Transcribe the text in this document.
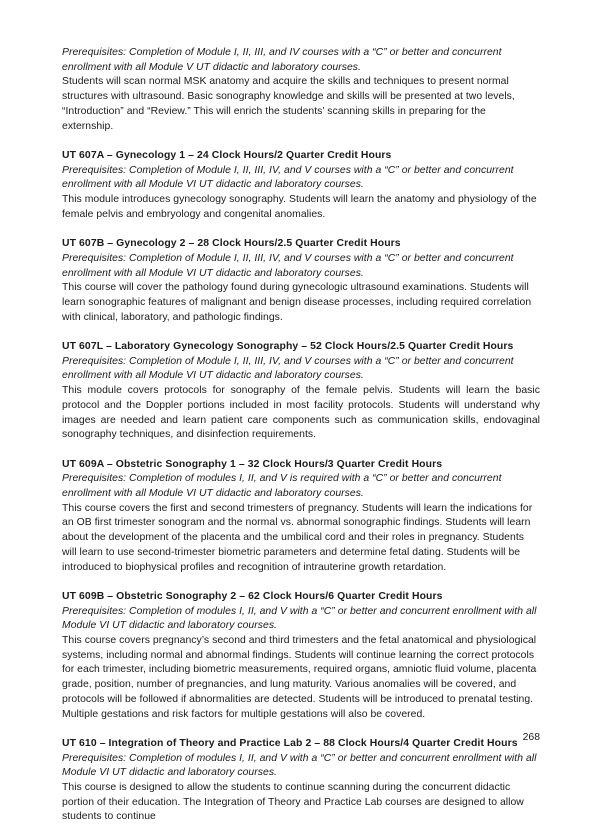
Prerequisites: Completion of Module I, II, III, and IV courses with a “C” or better and concurrent enrollment with all Module V UT didactic and laboratory courses.

Students will scan normal MSK anatomy and acquire the skills and techniques to present normal structures with ultrasound. Basic sonography knowledge and skills will be presented at two levels, “Introduction” and “Review.” This will enrich the students’ scanning skills in preparing for the externship.

UT 607A – Gynecology 1 – 24 Clock Hours/2 Quarter Credit Hours

Prerequisites: Completion of Module I, II, III, IV, and V courses with a “C” or better and concurrent enrollment with all Module VI UT didactic and laboratory courses.

This module introduces gynecology sonography. Students will learn the anatomy and physiology of the female pelvis and embryology and congenital anomalies.

UT 607B – Gynecology 2 – 28 Clock Hours/2.5 Quarter Credit Hours

Prerequisites: Completion of Module I, II, III, IV, and V courses with a “C” or better and concurrent enrollment with all Module VI UT didactic and laboratory courses.

This course will cover the pathology found during gynecologic ultrasound examinations. Students will learn sonographic features of malignant and benign disease processes, including required correlation with clinical, laboratory, and pathologic findings.

UT 607L – Laboratory Gynecology Sonography – 52 Clock Hours/2.5 Quarter Credit Hours

Prerequisites: Completion of Module I, II, III, IV, and V courses with a “C” or better and concurrent enrollment with all Module VI UT didactic and laboratory courses.

This module covers protocols for sonography of the female pelvis. Students will learn the basic protocol and the Doppler portions included in most facility protocols. Students will understand why images are needed and learn patient care components such as communication skills, endovaginal sonography techniques, and disinfection requirements.

UT 609A – Obstetric Sonography 1 – 32 Clock Hours/3 Quarter Credit Hours

Prerequisites: Completion of modules I, II, and V is required with a “C” or better and concurrent enrollment with all Module VI UT didactic and laboratory courses.

This course covers the first and second trimesters of pregnancy. Students will learn the indications for an OB first trimester sonogram and the normal vs. abnormal sonographic findings. Students will learn about the development of the placenta and the umbilical cord and their roles in pregnancy. Students will learn to use second-trimester biometric parameters and determine fetal dating. Students will be introduced to biophysical profiles and recognition of intrauterine growth retardation.

UT 609B – Obstetric Sonography 2 – 62 Clock Hours/6 Quarter Credit Hours

Prerequisites: Completion of modules I, II, and V with a “C” or better and concurrent enrollment with all Module VI UT didactic and laboratory courses.

This course covers pregnancy’s second and third trimesters and the fetal anatomical and physiological systems, including normal and abnormal findings. Students will continue learning the correct protocols for each trimester, including biometric measurements, required organs, amniotic fluid volume, placenta grade, position, number of pregnancies, and lung maturity. Various anomalies will be covered, and protocols will be followed if abnormalities are detected. Students will be introduced to prenatal testing. Multiple gestations and risk factors for multiple gestations will also be covered.

UT 610 – Integration of Theory and Practice Lab 2 – 88 Clock Hours/4 Quarter Credit Hours

Prerequisites: Completion of modules I, II, and V with a “C” or better and concurrent enrollment with all Module VI UT didactic and laboratory courses.

This course is designed to allow the students to continue scanning during the concurrent didactic portion of their education. The Integration of Theory and Practice Lab courses are designed to allow students to continue

268
